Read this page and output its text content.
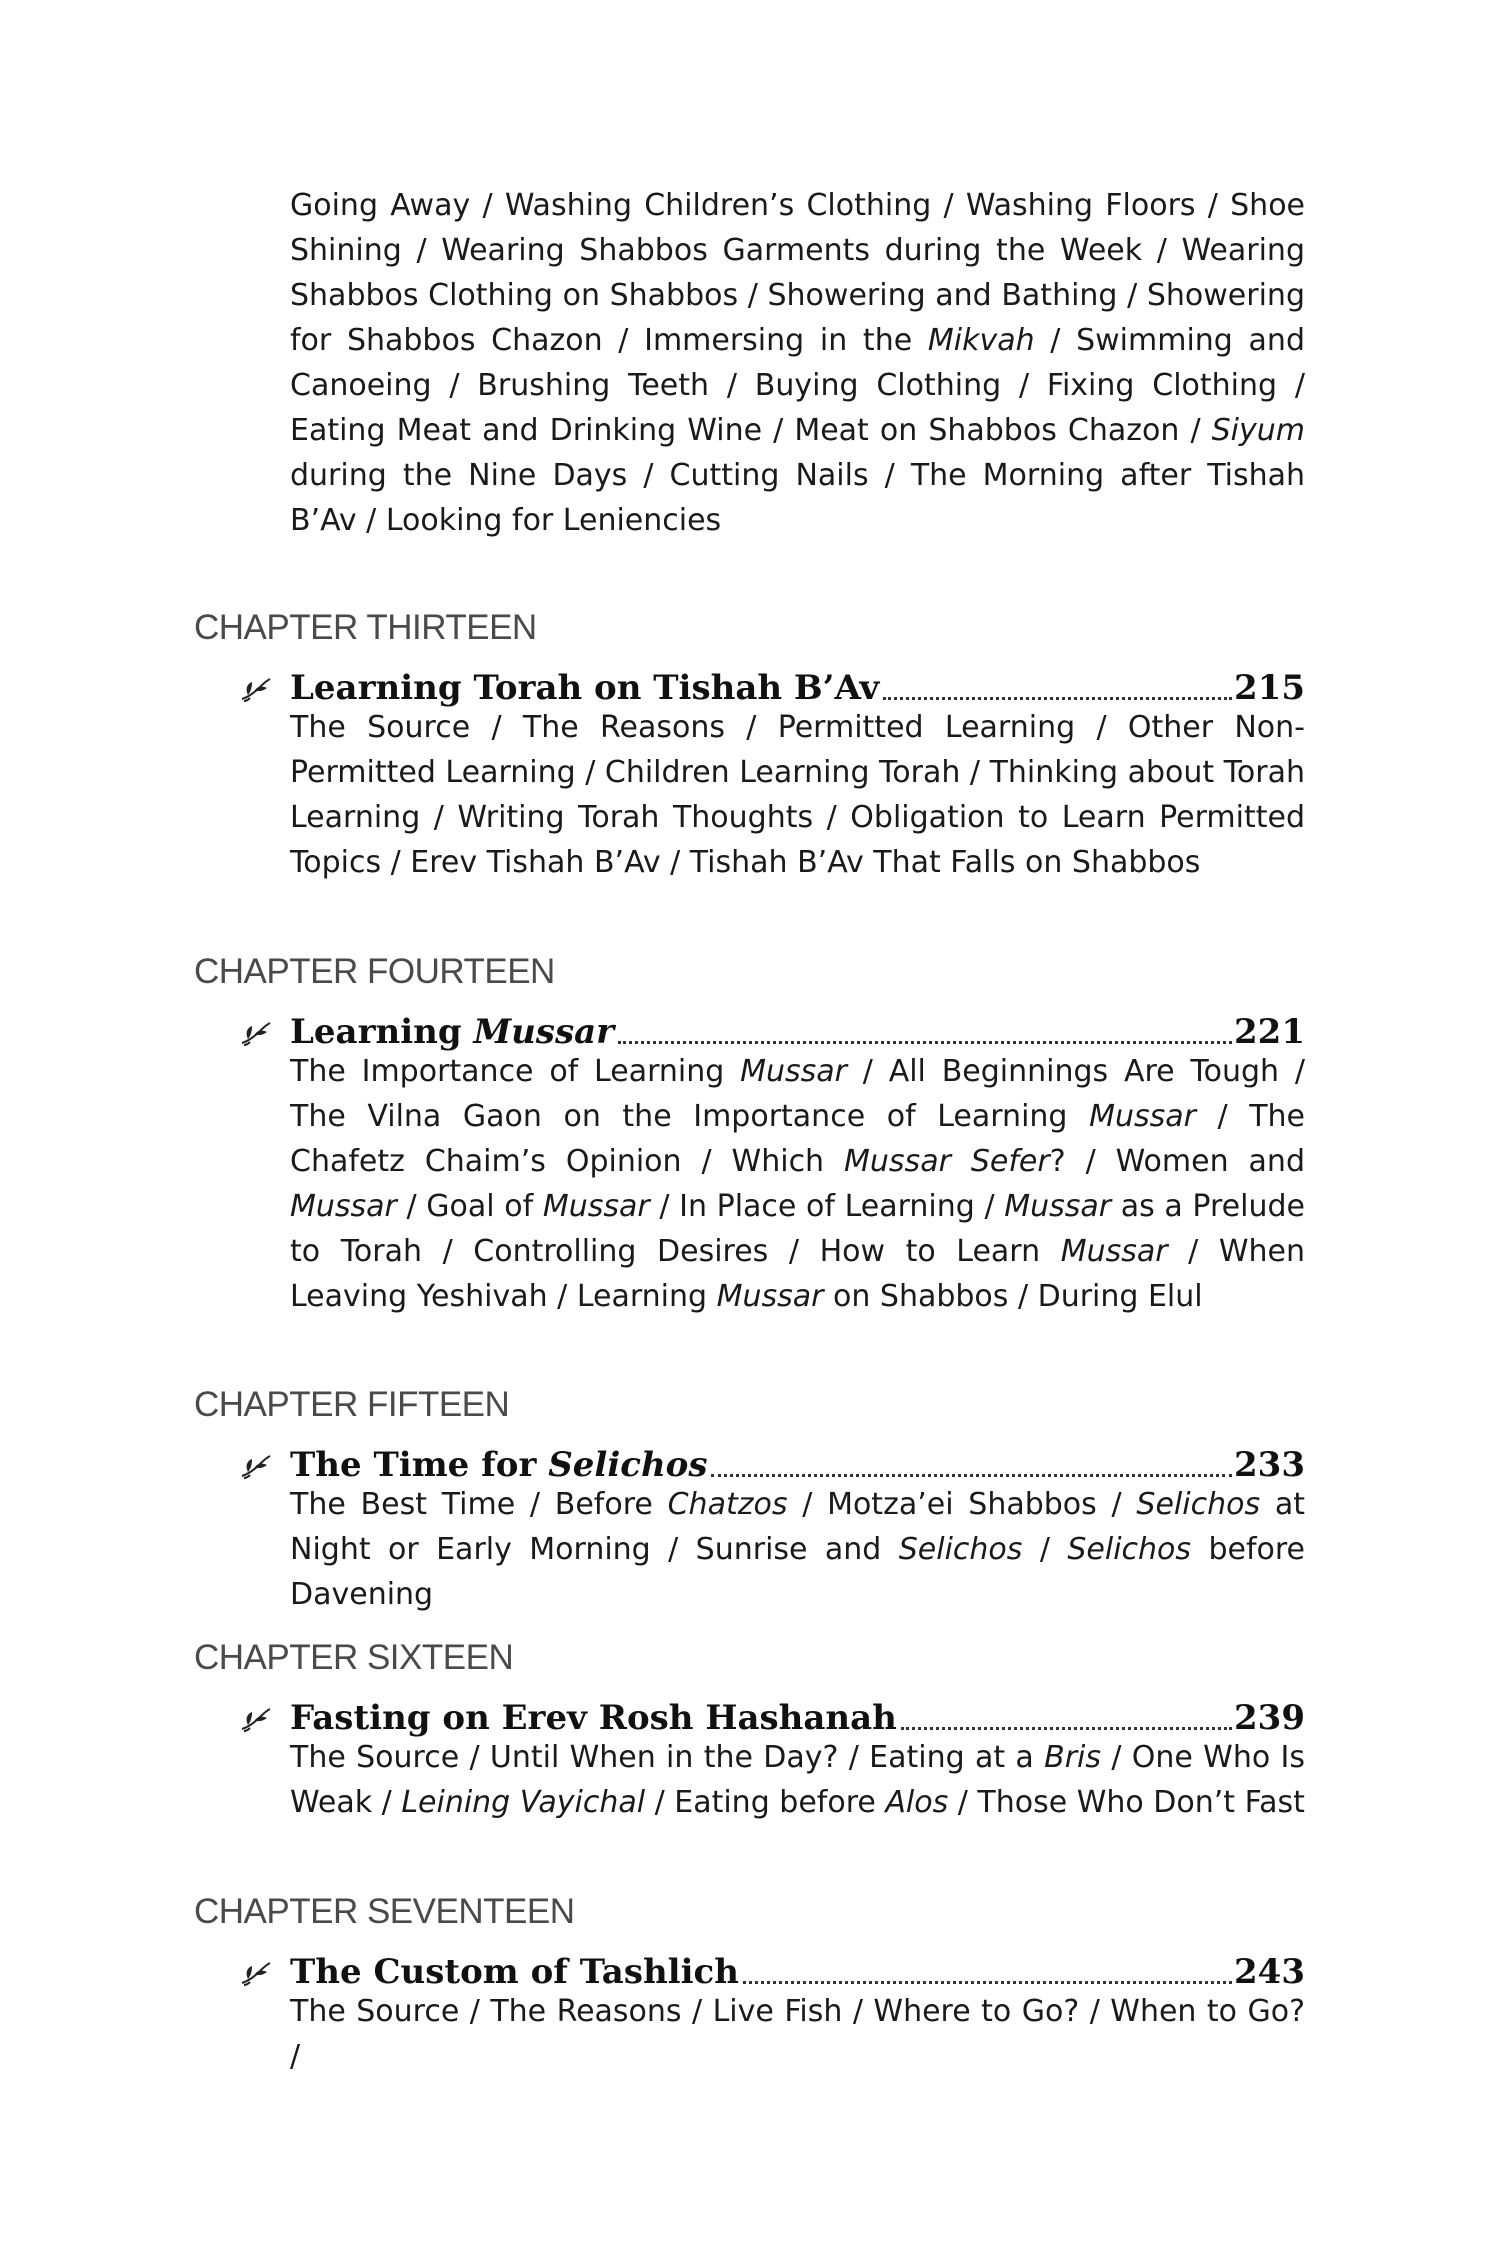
Going Away / Washing Children’s Clothing / Washing Floors / Shoe Shining / Wearing Shabbos Garments during the Week / Wearing Shabbos Clothing on Shabbos / Showering and Bathing / Showering for Shabbos Chazon / Immersing in the Mikvah / Swimming and Canoeing / Brushing Teeth / Buying Clothing / Fixing Clothing / Eating Meat and Drinking Wine / Meat on Shabbos Chazon / Siyum during the Nine Days / Cutting Nails / The Morning after Tishah B’Av / Looking for Leniencies

CHAPTER THIRTEEN

Learning Torah on Tishah B’Av	215

The Source / The Reasons / Permitted Learning / Other Non-Permitted Learning / Children Learning Torah / Thinking about Torah Learning / Writing Torah Thoughts / Obligation to Learn Permitted Topics / Erev Tishah B’Av / Tishah B’Av That Falls on Shabbos

CHAPTER FOURTEEN

Learning Mussar	221

The Importance of Learning Mussar / All Beginnings Are Tough / The Vilna Gaon on the Importance of Learning Mussar / The Chafetz Chaim’s Opinion / Which Mussar Sefer? / Women and Mussar / Goal of Mussar / In Place of Learning / Mussar as a Prelude to Torah / Controlling Desires / How to Learn Mussar / When Leaving Yeshivah / Learning Mussar on Shabbos / During Elul

CHAPTER FIFTEEN

The Time for Selichos	233

The Best Time / Before Chatzos / Motza’ei Shabbos / Selichos at Night or Early Morning / Sunrise and Selichos / Selichos before Davening

CHAPTER SIXTEEN

Fasting on Erev Rosh Hashanah	239

The Source / Until When in the Day? / Eating at a Bris / One Who Is Weak / Leining Vayichal / Eating before Alos / Those Who Don’t Fast

CHAPTER SEVENTEEN

The Custom of Tashlich	243

The Source / The Reasons / Live Fish / Where to Go? / When to Go? /
